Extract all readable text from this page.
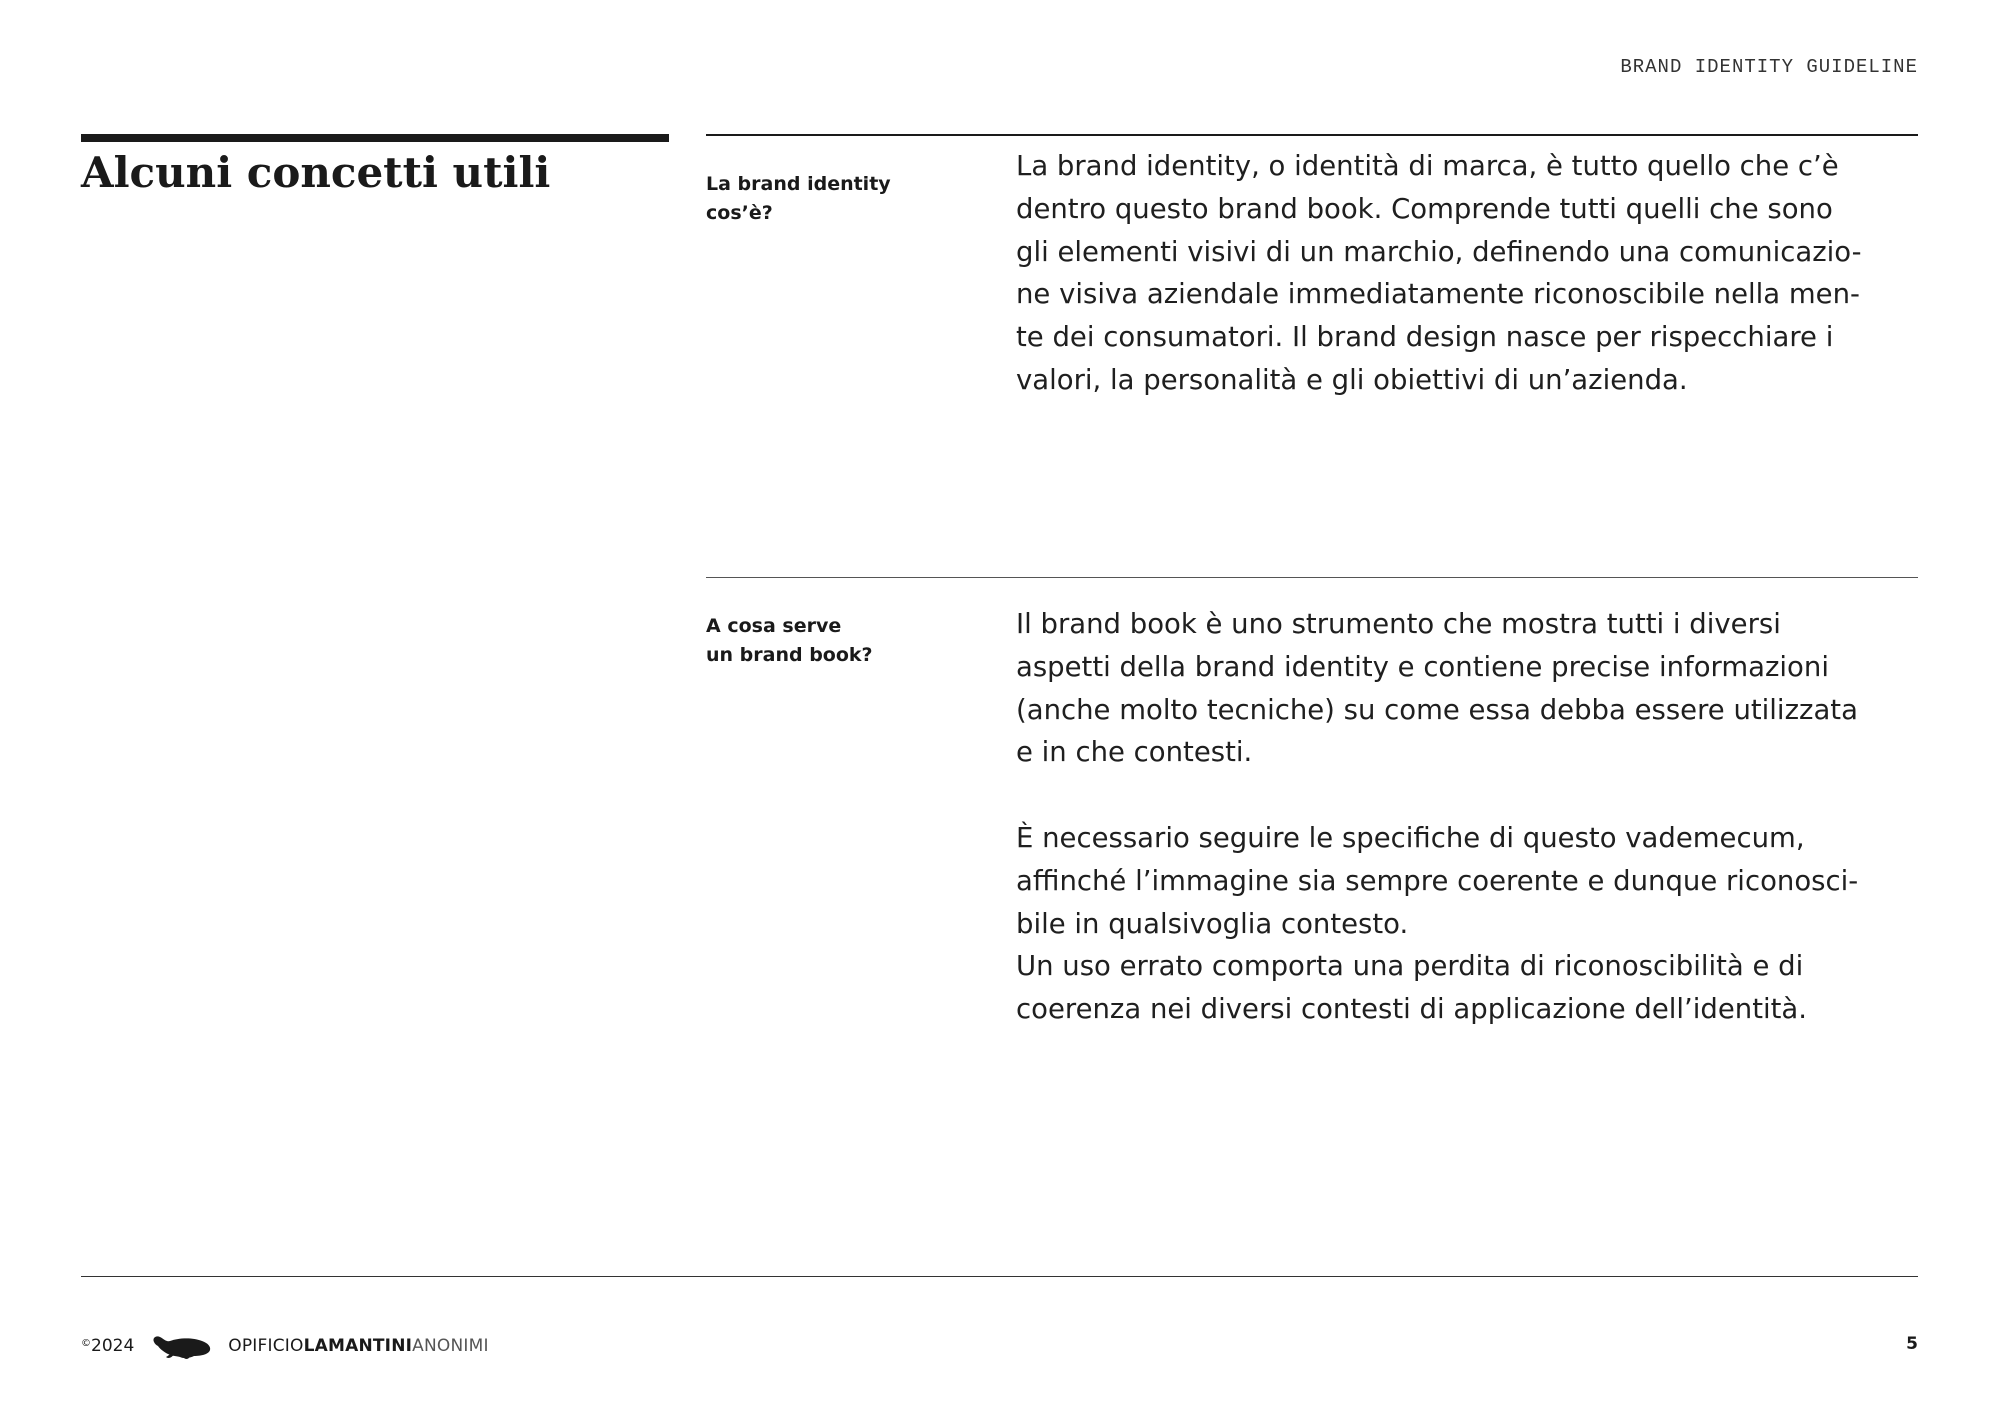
BRAND IDENTITY GUIDELINE
Alcuni concetti utili	La brand identity
cos’è?
La brand identity, o identità di marca, è tutto quello che c’è
dentro questo brand book. Comprende tutti quelli che sono
gli elementi visivi di un marchio, definendo una comunicazio-
ne visiva aziendale immediatamente riconoscibile nella men-
te dei consumatori. Il brand design nasce per rispecchiare i
valori, la personalità e gli obiettivi di un’azienda.
A cosa serve
un brand book?
Il brand book è uno strumento che mostra tutti i diversi
aspetti della brand identity e contiene precise informazioni
(anche molto tecniche) su come essa debba essere utilizzata
e in che contesti.
È necessario seguire le specifiche di questo vademecum,
affinché l’immagine sia sempre coerente e dunque riconosci-
bile in qualsivoglia contesto.
Un uso errato comporta una perdita di riconoscibilità e di
coerenza nei diversi contesti di applicazione dell’identità.
©2024	OPIFICIOLAMANTINIANONIMI	5
